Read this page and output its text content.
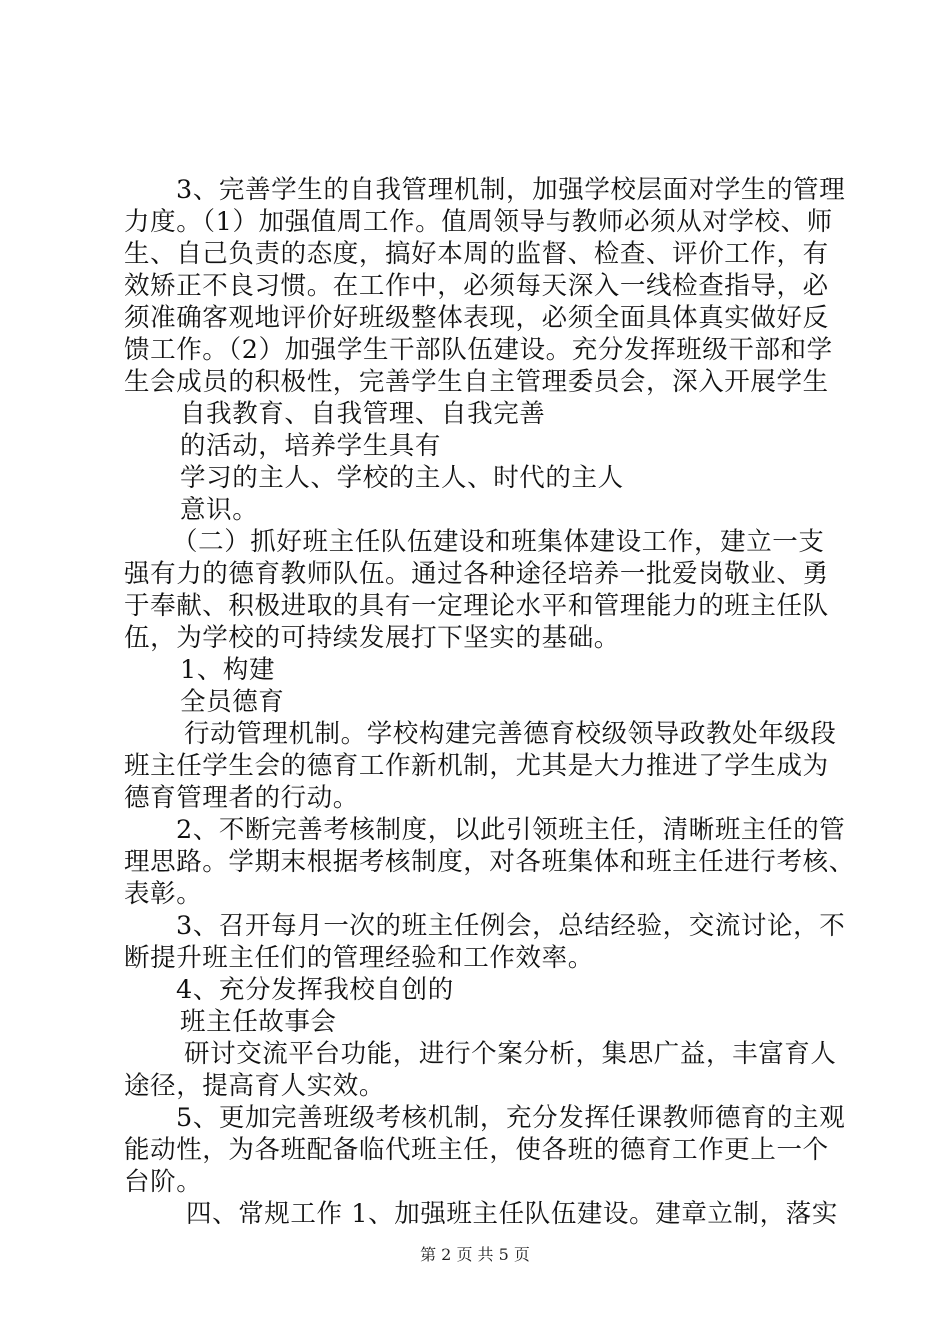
3、完善学生的自我管理机制，加强学校层面对学生的管理

力度。（1）加强值周工作。值周领导与教师必须从对学校、师

生、自己负责的态度，搞好本周的监督、检查、评价工作，有

效矫正不良习惯。在工作中，必须每天深入一线检查指导，必

须准确客观地评价好班级整体表现，必须全面具体真实做好反

馈工作。（2）加强学生干部队伍建设。充分发挥班级干部和学

生会成员的积极性，完善学生自主管理委员会，深入开展学生

自我教育、自我管理、自我完善

的活动，培养学生具有

学习的主人、学校的主人、时代的主人

意识。

（二）抓好班主任队伍建设和班集体建设工作，建立一支

强有力的德育教师队伍。通过各种途径培养一批爱岗敬业、勇

于奉献、积极进取的具有一定理论水平和管理能力的班主任队

伍，为学校的可持续发展打下坚实的基础。

1、构建

全员德育

行动管理机制。学校构建完善德育校级领导政教处年级段

班主任学生会的德育工作新机制，尤其是大力推进了学生成为

德育管理者的行动。

2、不断完善考核制度，以此引领班主任，清晰班主任的管

理思路。学期末根据考核制度，对各班集体和班主任进行考核、

表彰。

3、召开每月一次的班主任例会，总结经验，交流讨论，不

断提升班主任们的管理经验和工作效率。

4、充分发挥我校自创的

班主任故事会

研讨交流平台功能，进行个案分析，集思广益，丰富育人

途径，提高育人实效。

5、更加完善班级考核机制，充分发挥任课教师德育的主观

能动性，为各班配备临代班主任，使各班的德育工作更上一个

台阶。

四、常规工作 1、加强班主任队伍建设。建章立制，落实

第 2 页 共 5 页
